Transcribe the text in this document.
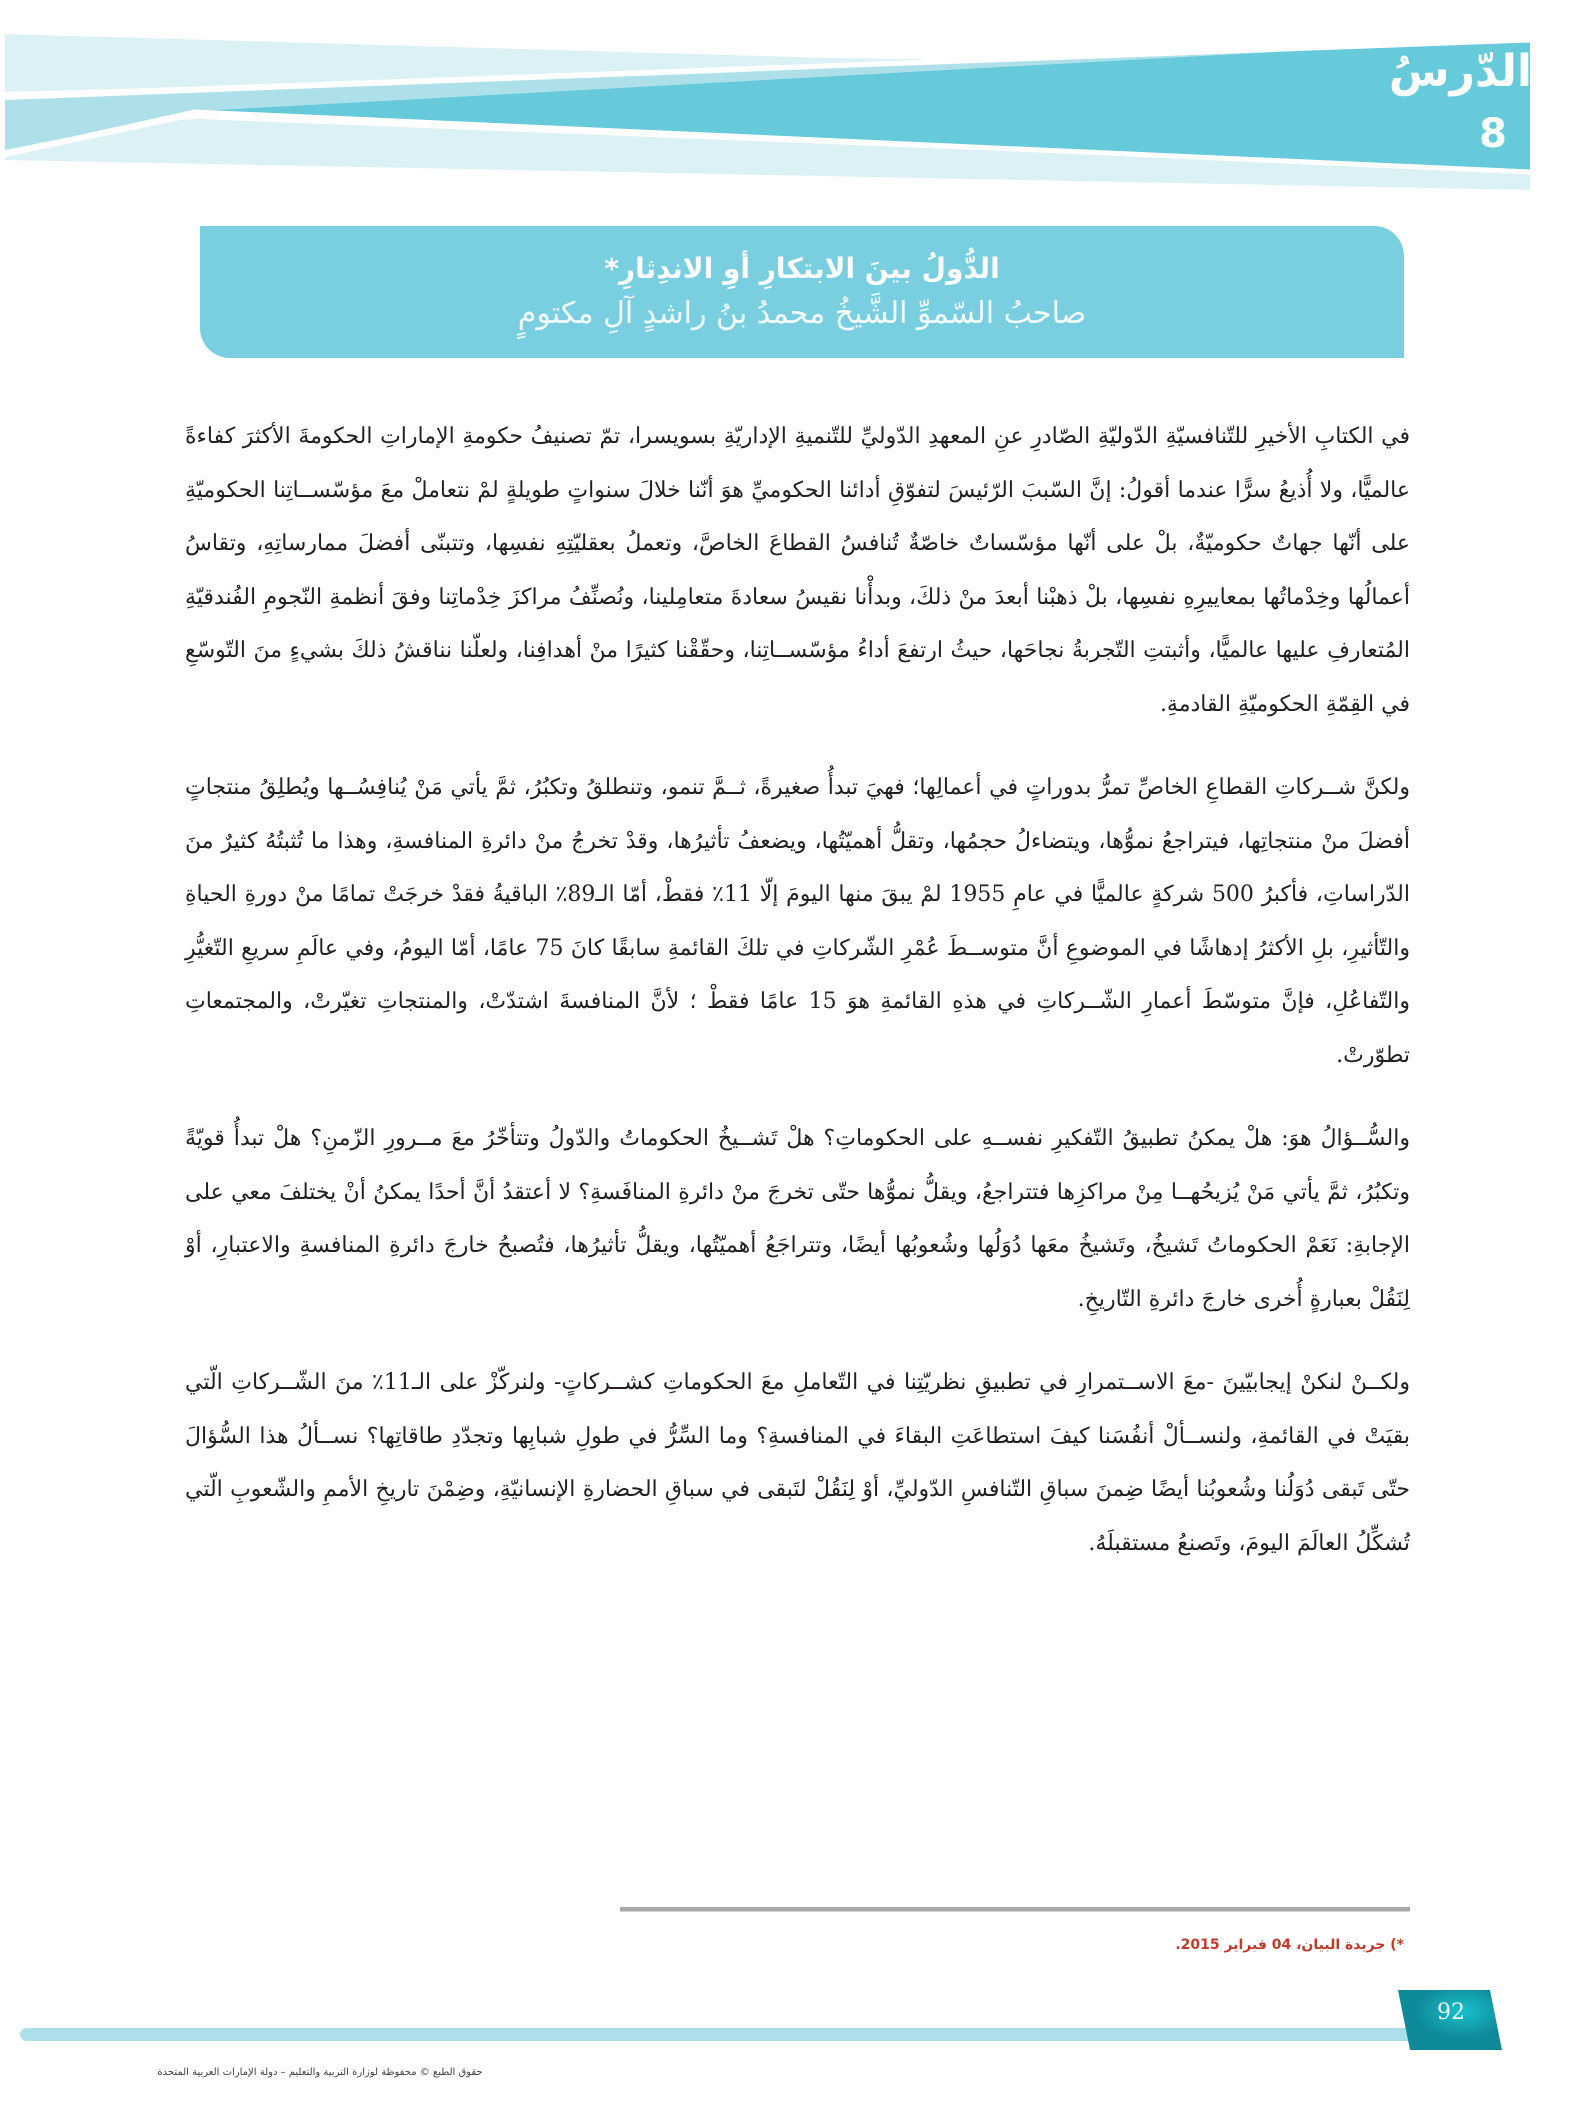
الدّرسُ
8
الدُّولُ بينَ الابتكارِ أوِ الاندِثارِ*
صاحبُ السّموِّ الشَّيخُ محمدُ بنُ راشدٍ آلِ مكتومٍ

في الكتابِ الأخيرِ للتّنافسيّةِ الدّوليّةِ الصّادرِ عنِ المعهدِ الدّوليِّ للتّنميةِ الإداريّةِ بسويسرا، تمّ تصنيفُ حكومةِ الإماراتِ الحكومةَ الأكثرَ كفاءةً عالميًّا، ولا أُذيعُ سرًّا عندما أقولُ: إنَّ السّببَ الرّئيسَ لتفوّقِ أدائنا الحكوميِّ هوَ أنّنا خلالَ سنواتٍ طويلةٍ لمْ نتعاملْ معَ مؤسّســاتِنا الحكوميّةِ على أنّها جهاتٌ حكوميّةٌ، بلْ على أنّها مؤسّساتٌ خاصّةٌ تُنافسُ القطاعَ الخاصَّ، وتعملُ بعقليّتِهِ نفسِها، وتتبنّى أفضلَ ممارساتِهِ، وتقاسُ أعمالُها وخِدْماتُها بمعاييرِهِ نفسِها، بلْ ذهبْنا أبعدَ منْ ذلكَ، وبدأْنا نقيسُ سعادةَ متعامِلينا، ونُصنِّفُ مراكزَ خِدْماتِنا وفقَ أنظمةِ النّجومِ الفُندقيّةِ المُتعارفِ عليها عالميًّا، وأثبتتِ التّجربةُ نجاحَها، حيثُ ارتفعَ أداءُ مؤسّســاتِنا، وحقّقْنا كثيرًا منْ أهدافِنا، ولعلّنا نناقشُ ذلكَ بشيءٍ منَ التّوسّعِ في القِمّةِ الحكوميّةِ القادمةِ.

ولكنَّ شــركاتِ القطاعِ الخاصِّ تمرُّ بدوراتٍ في أعمالِها؛ فهيَ تبدأُ صغيرةً، ثــمَّ تنمو، وتنطلقُ وتكبُرُ، ثمَّ يأتي مَنْ يُنافِسُــها ويُطلِقُ منتجاتٍ أفضلَ منْ منتجاتِها، فيتراجعُ نموُّها، ويتضاءلُ حجمُها، وتقلُّ أهميّتُها، ويضعفُ تأثيرُها، وقدْ تخرجُ منْ دائرةِ المنافسةِ، وهذا ما تُثبتُهُ كثيرٌ منَ الدّراساتِ، فأكبرُ 500 شركةٍ عالميًّا في عامِ 1955 لمْ يبقَ منها اليومَ إلّا 11٪ فقطْ، أمّا الـ89٪ الباقيةُ فقدْ خرجَتْ تمامًا منْ دورةِ الحياةِ والتّأثيرِ، بلِ الأكثرُ إدهاشًا في الموضوعِ أنَّ متوســطَ عُمْرِ الشّركاتِ في تلكَ القائمةِ سابقًا كانَ 75 عامًا، أمّا اليومُ، وفي عالَمِ سريعِ التّغيُّرِ والتّفاعُلِ، فإنَّ متوسّطَ أعمارِ الشّــركاتِ في هذهِ القائمةِ هوَ 15 عامًا فقطْ ؛ لأنَّ المنافسةَ اشتدّتْ، والمنتجاتِ تغيّرتْ، والمجتمعاتِ تطوّرتْ.

والسُّــؤالُ هوَ: هلْ يمكنُ تطبيقُ التّفكيرِ نفســهِ على الحكوماتِ؟ هلْ تَشــيخُ الحكوماتُ والدّولُ وتتأخّرُ معَ مــرورِ الزّمنِ؟ هلْ تبدأُ قويّةً وتكبُرُ، ثمَّ يأتي مَنْ يُزيحُهــا مِنْ مراكزِها فتتراجعُ، ويقلُّ نموُّها حتّى تخرجَ منْ دائرةِ المنافَسةِ؟ لا أعتقدُ أنَّ أحدًا يمكنُ أنْ يختلفَ معي على الإجابةِ: نَعَمْ الحكوماتُ تَشيخُ، وتَشيخُ معَها دُوَلُها وشُعوبُها أيضًا، وتتراجَعُ أهميّتُها، ويقلُّ تأثيرُها، فتُصبحُ خارجَ دائرةِ المنافسةِ والاعتبارِ، أوْ لِنَقُلْ بعبارةٍ أُخرى خارجَ دائرةِ التّاريخِ.

ولكــنْ لنكنْ إيجابيّينَ -معَ الاســتمرارِ في تطبيقِ نظريّتِنا في التّعاملِ معَ الحكوماتِ كشــركاتٍ- ولنركّزْ على الـ11٪ منَ الشّــركاتِ الّتي بقيَتْ في القائمةِ، ولنســألْ أنفُسَنا كيفَ استطاعَتِ البقاءَ في المنافسةِ؟ وما السِّرُّ في طولِ شبابِها وتجدّدِ طاقاتِها؟ نســألُ هذا السُّؤالَ حتّى تَبقى دُوَلُنا وشُعوبُنا أيضًا ضِمنَ سباقِ التّنافسِ الدّوليِّ، أوْ لِنَقُلْ لتَبقى في سباقِ الحضارةِ الإنسانيّةِ، وضِمْنَ تاريخِ الأممِ والشّعوبِ الّتي تُشكِّلُ العالَمَ اليومَ، وتَصنعُ مستقبلَهُ.

*) جريدة البيان، 04 فبراير 2015.
92
حقوق الطبع © محفوظة لوزارة التربية والتعليم – دولة الإمارات العربية المتحدة
